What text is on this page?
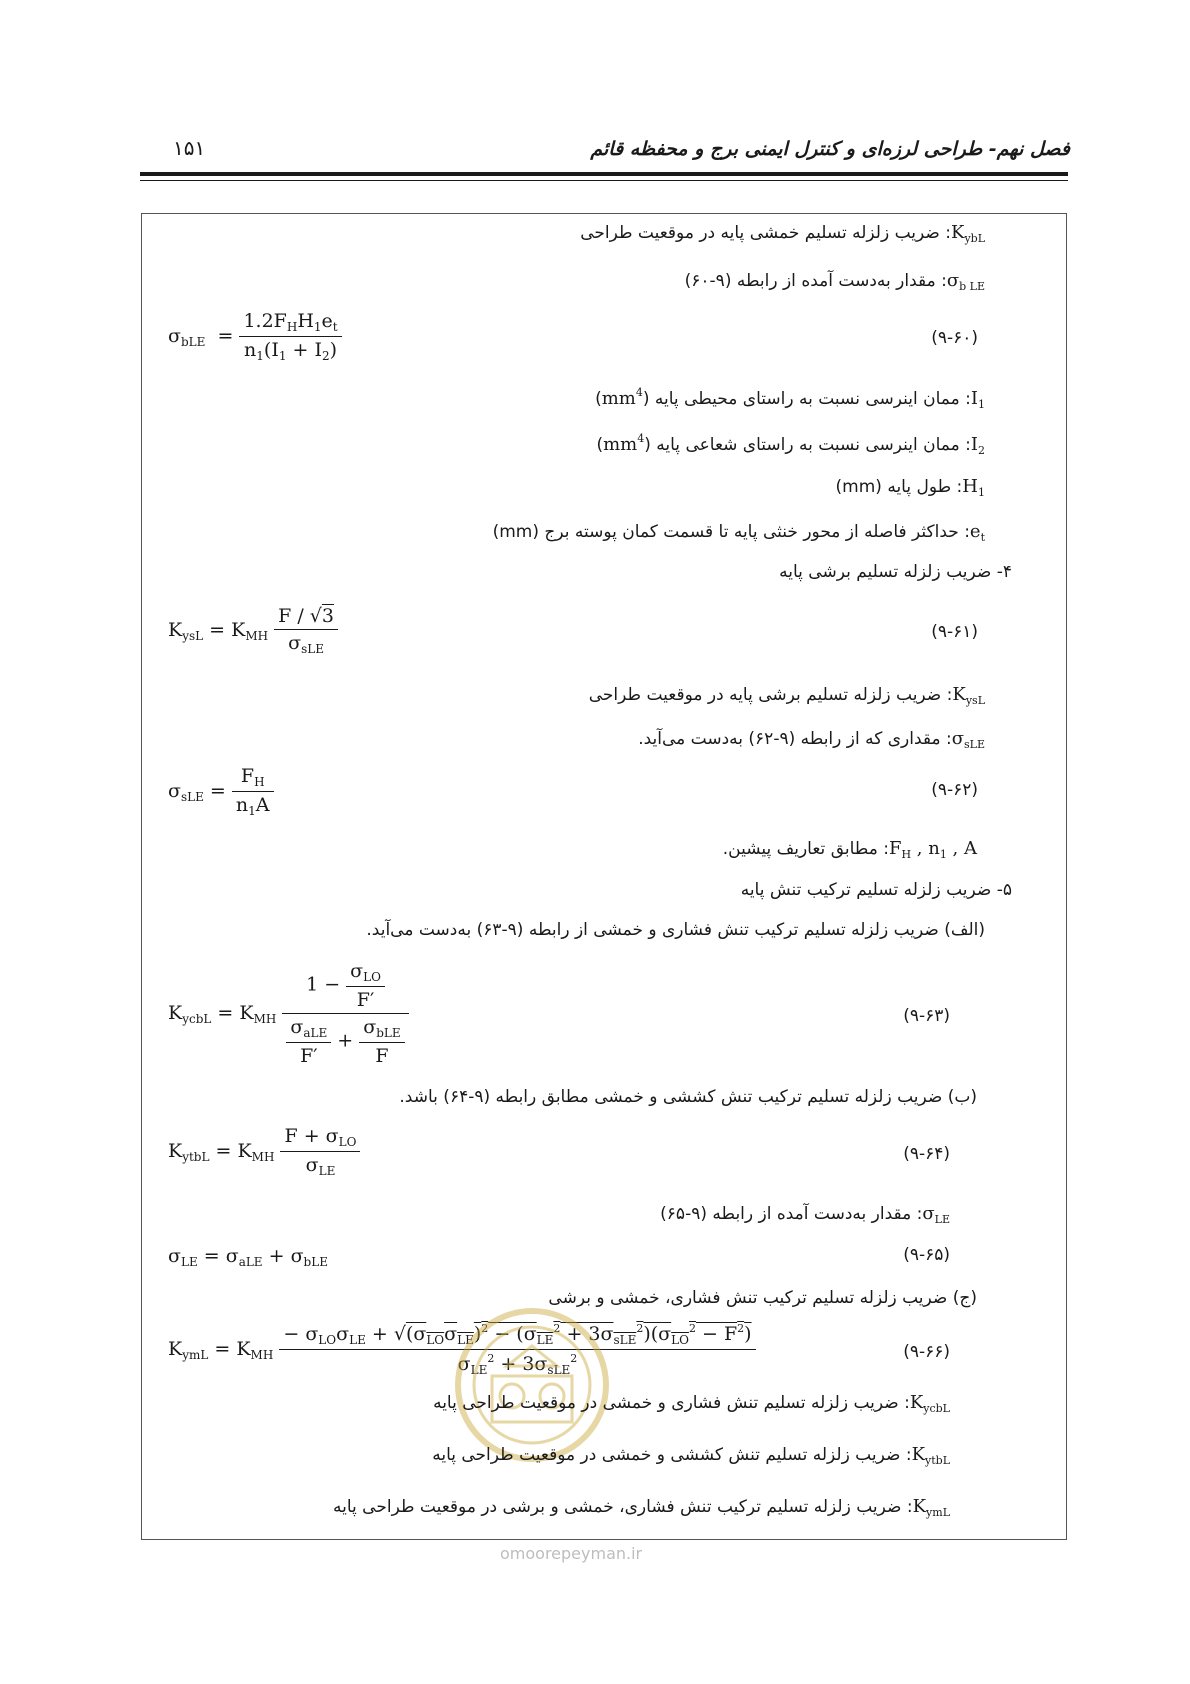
۱۵۱	فصل نهم- طراحی لرزه‌ای و کنترل ایمنی برج و محفظه قائم
$K_{ybL}$: ضریب زلزله تسلیم خمشی پایه در موقعیت طراحی
$\sigma_{b LE}$: مقدار به‌دست آمده از رابطه (۹-۶۰)
$\sigma_{bLE} = \frac{1.2F_HH_1e_t}{n_1(I_1 + I_2)}$	(۹-۶۰)
$I_1$: ممان اینرسی نسبت به راستای محیطی پایه $(mm^4)$
$I_2$: ممان اینرسی نسبت به راستای شعاعی پایه $(mm^4)$
$H_1$: طول پایه (mm)
$e_t$: حداکثر فاصله از محور خنثی پایه تا قسمت کمان پوسته برج (mm)
۴- ضریب زلزله تسلیم برشی پایه
$K_{ysL} = K_{MH} \frac{F / √3}{\sigma_{sLE}}$	(۹-۶۱)
$K_{ysL}$: ضریب زلزله تسلیم برشی پایه در موقعیت طراحی
$\sigma_{sLE}$: مقداری که از رابطه (۹-۶۲) به‌دست می‌آید.
$\sigma_{sLE} = \frac{F_H}{n_1A}$	(۹-۶۲)
$F_H$ , $n_1$ , A: مطابق تعاریف پیشین.
۵- ضریب زلزله تسلیم ترکیب تنش پایه
(الف) ضریب زلزله تسلیم ترکیب تنش فشاری و خمشی از رابطه (۹-۶۳) به‌دست می‌آید.
$K_{ycbL} = K_{MH} \frac{1 - \frac{\sigma_{LO}}{F'}}{\frac{\sigma_{aLE}}{F'} + \frac{\sigma_{bLE}}{F}}$	(۹-۶۳)
(ب) ضریب زلزله تسلیم ترکیب تنش کششی و خمشی مطابق رابطه (۹-۶۴) باشد.
$K_{ytbL} = K_{MH} \frac{F + \sigma_{LO}}{\sigma_{LE}}$	(۹-۶۴)
$\sigma_{LE}$: مقدار به‌دست آمده از رابطه (۹-۶۵)
$\sigma_{LE} = \sigma_{aLE} + \sigma_{bLE}$	(۹-۶۵)
(ج) ضریب زلزله تسلیم ترکیب تنش فشاری، خمشی و برشی
$K_{ymL} = K_{MH} \frac{- \sigma_{LO}\sigma_{LE} + √(\sigma_{LO}\sigma_{LE})^2 - (\sigma_{LE}^2 + 3\sigma_{sLE}^2)(\sigma_{LO}^2 - F^2)}{\sigma_{LE}^2 + 3\sigma_{sLE}^2}$	(۹-۶۶)
$K_{ycbL}$: ضریب زلزله تسلیم تنش فشاری و خمشی در موقعیت طراحی پایه
$K_{ytbL}$: ضریب زلزله تسلیم تنش کششی و خمشی در موقعیت طراحی پایه
$K_{ymL}$: ضریب زلزله تسلیم ترکیب تنش فشاری، خمشی و برشی در موقعیت طراحی پایه
omoorepeyman.ir
